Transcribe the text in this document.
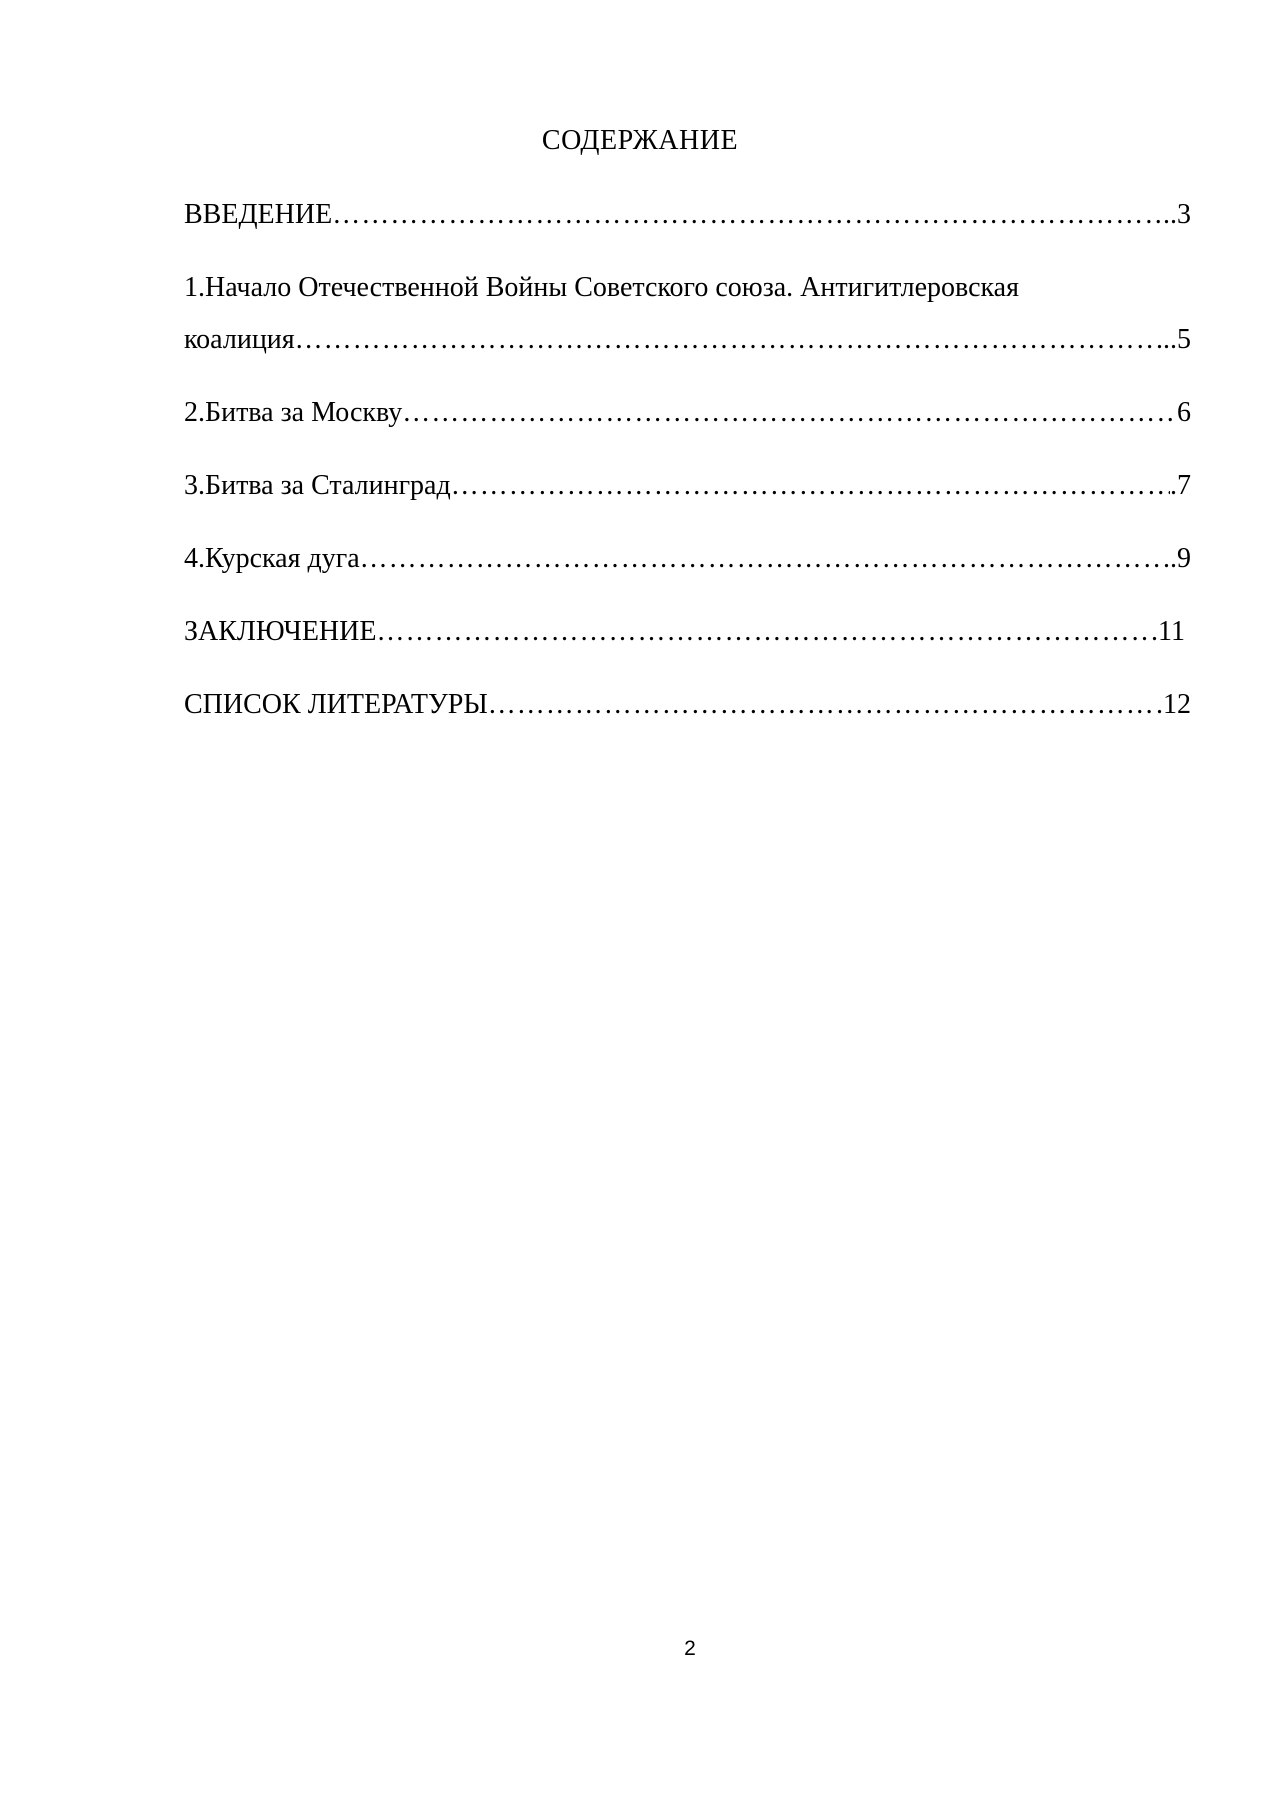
СОДЕРЖАНИЕ
ВВЕДЕНИЕ ……………………………………………………………………………………………………………………………………………	..3
1.Начало Отечественной Войны Советского союза. Антигитлеровская
коалиция ……………………………………………………………………………………………………………………………………………	...5
2.Битва за Москву ……………………………………………………………………………………………………………………………………………	6
3.Битва за Сталинград ……………………………………………………………………………………………………………………………………………	.7
4.Курская дуга ……………………………………………………………………………………………………………………………………………	..9
ЗАКЛЮЧЕНИЕ ……………………………………………………………………………………………………………………………………………	.11
СПИСОК ЛИТЕРАТУРЫ ……………………………………………………………………………………………………………………………………………	.12
2
